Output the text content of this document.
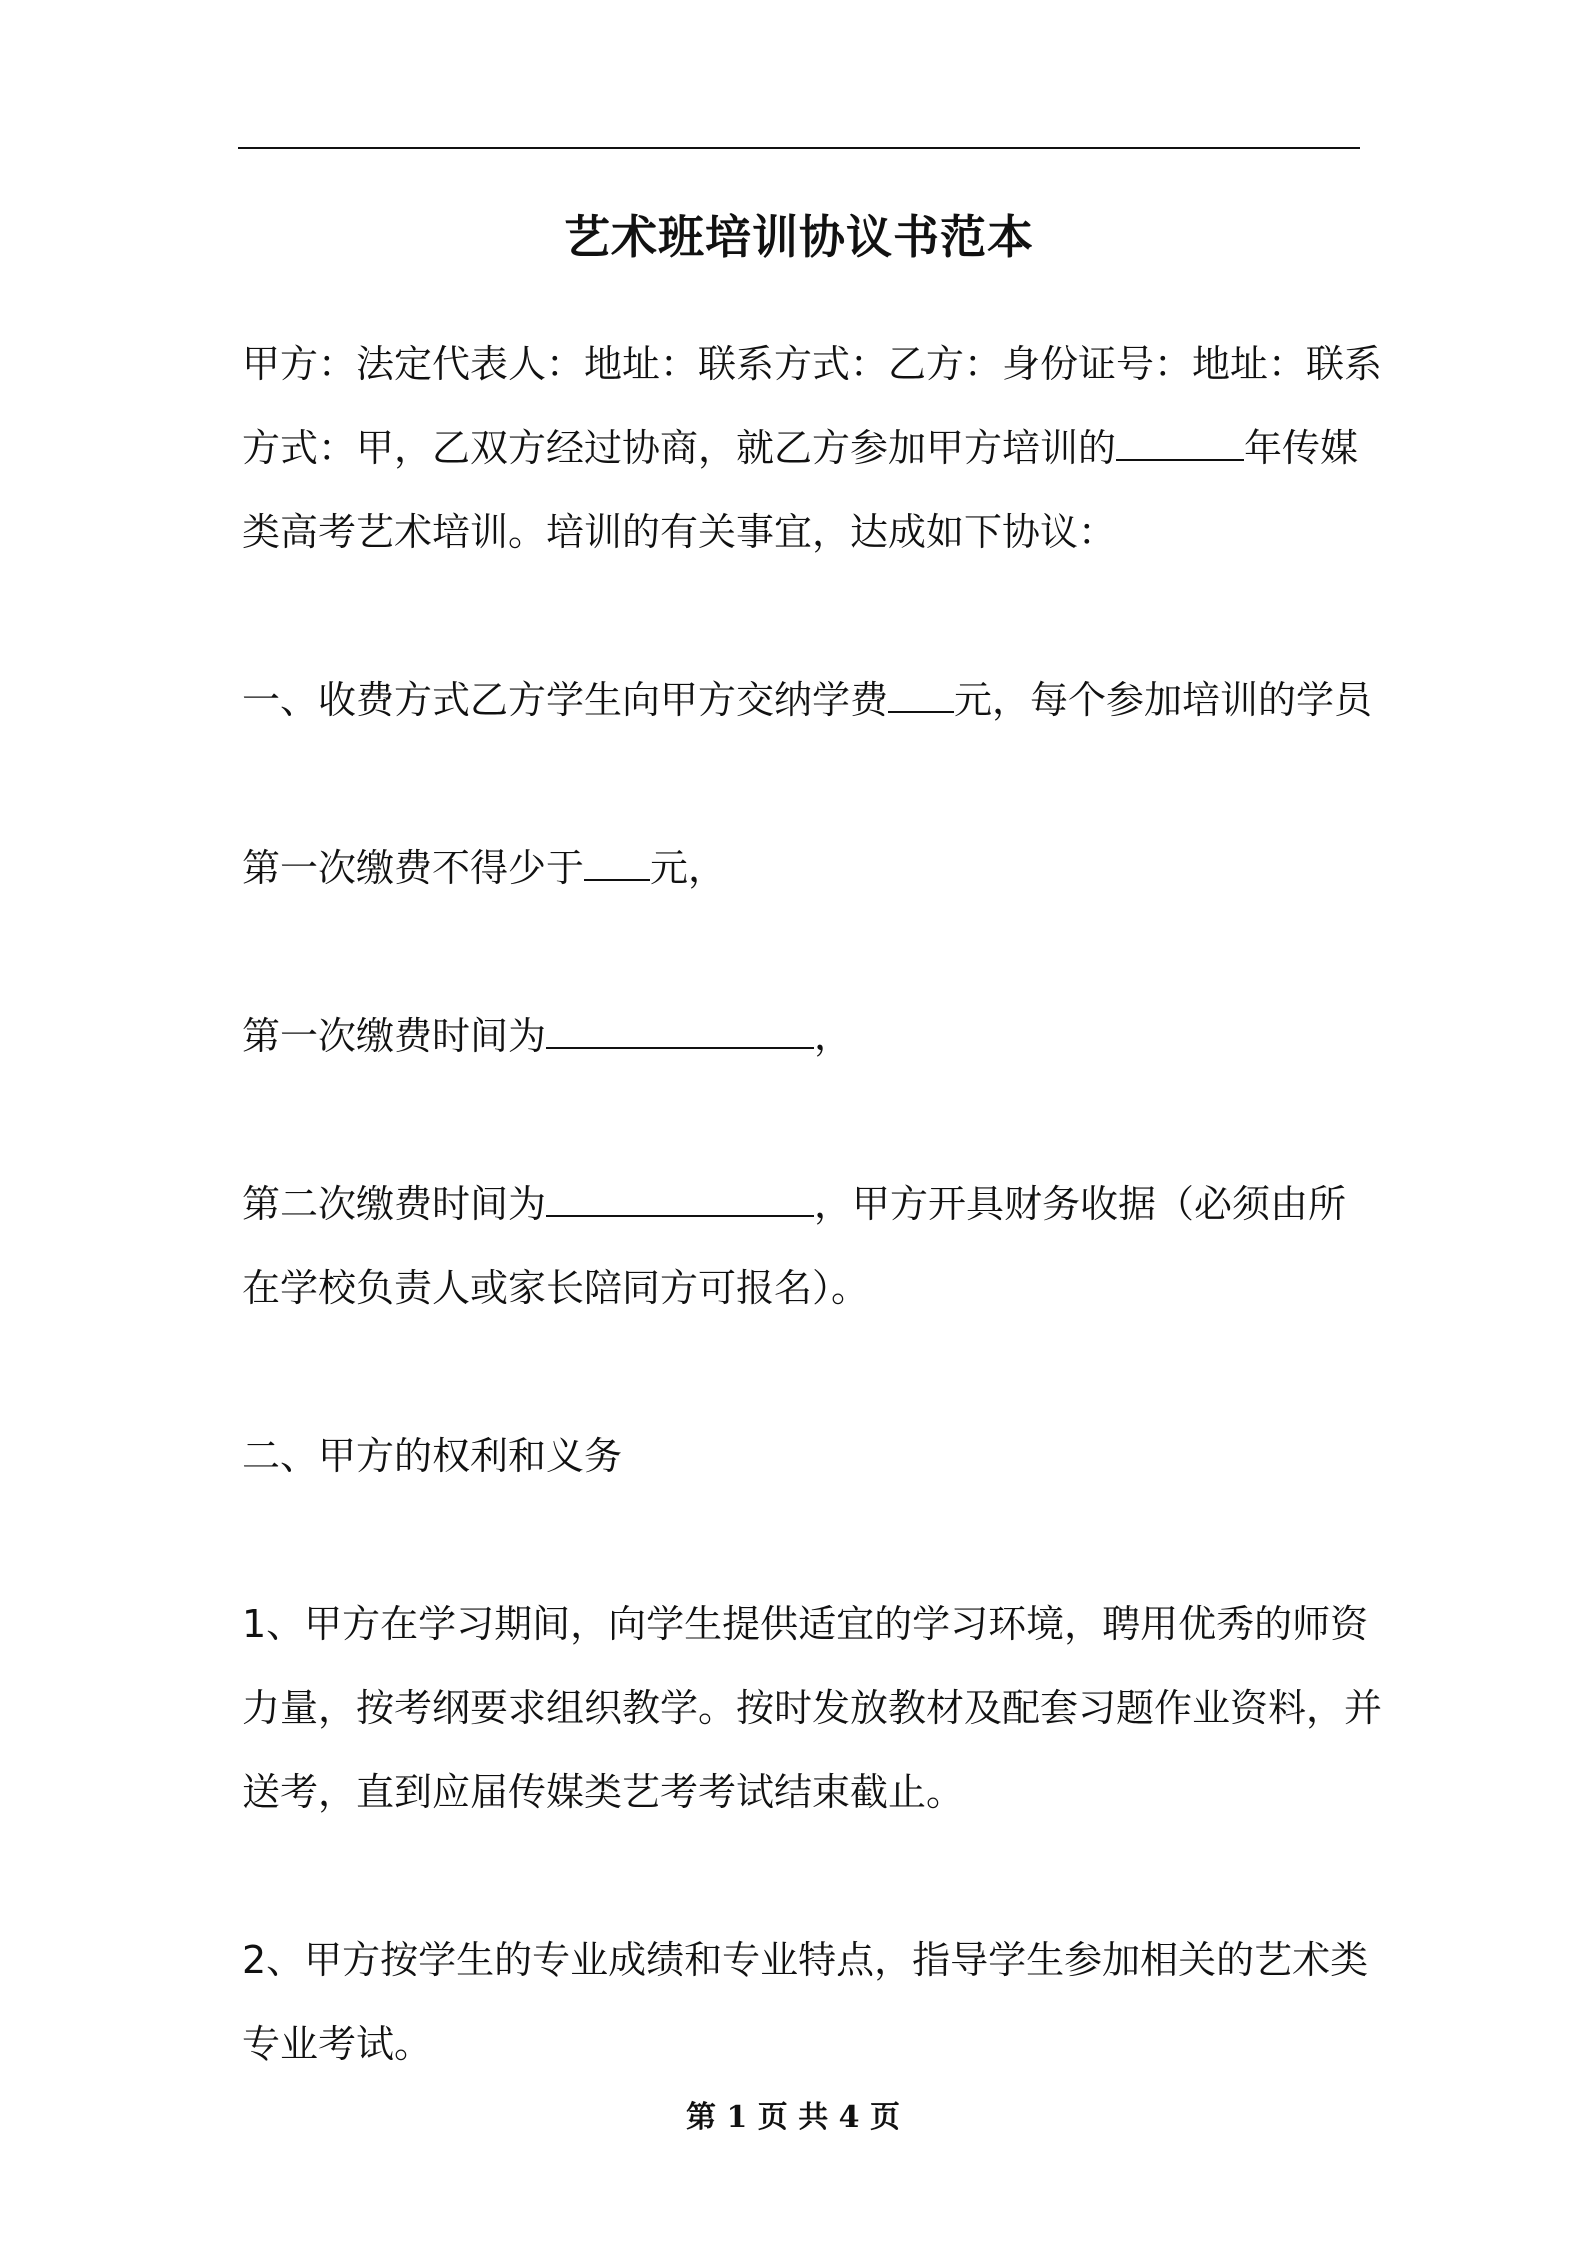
艺术班培训协议书范本

甲方：法定代表人：地址：联系方式：乙方：身份证号：地址：联系
方式：甲，乙双方经过协商，就乙方参加甲方培训的	年传媒
类高考艺术培训。培训的有关事宜，达成如下协议：

一、收费方式乙方学生向甲方交纳学费 元，每个参加培训的学员

第一次缴费不得少于 元，

第一次缴费时间为	，

第二次缴费时间为	，甲方开具财务收据（必须由所
在学校负责人或家长陪同方可报名）。

二、甲方的权利和义务

1、甲方在学习期间，向学生提供适宜的学习环境，聘用优秀的师资
力量，按考纲要求组织教学。按时发放教材及配套习题作业资料，并
送考，直到应届传媒类艺考考试结束截止。

2、甲方按学生的专业成绩和专业特点，指导学生参加相关的艺术类
专业考试。

第 1 页 共 4 页
